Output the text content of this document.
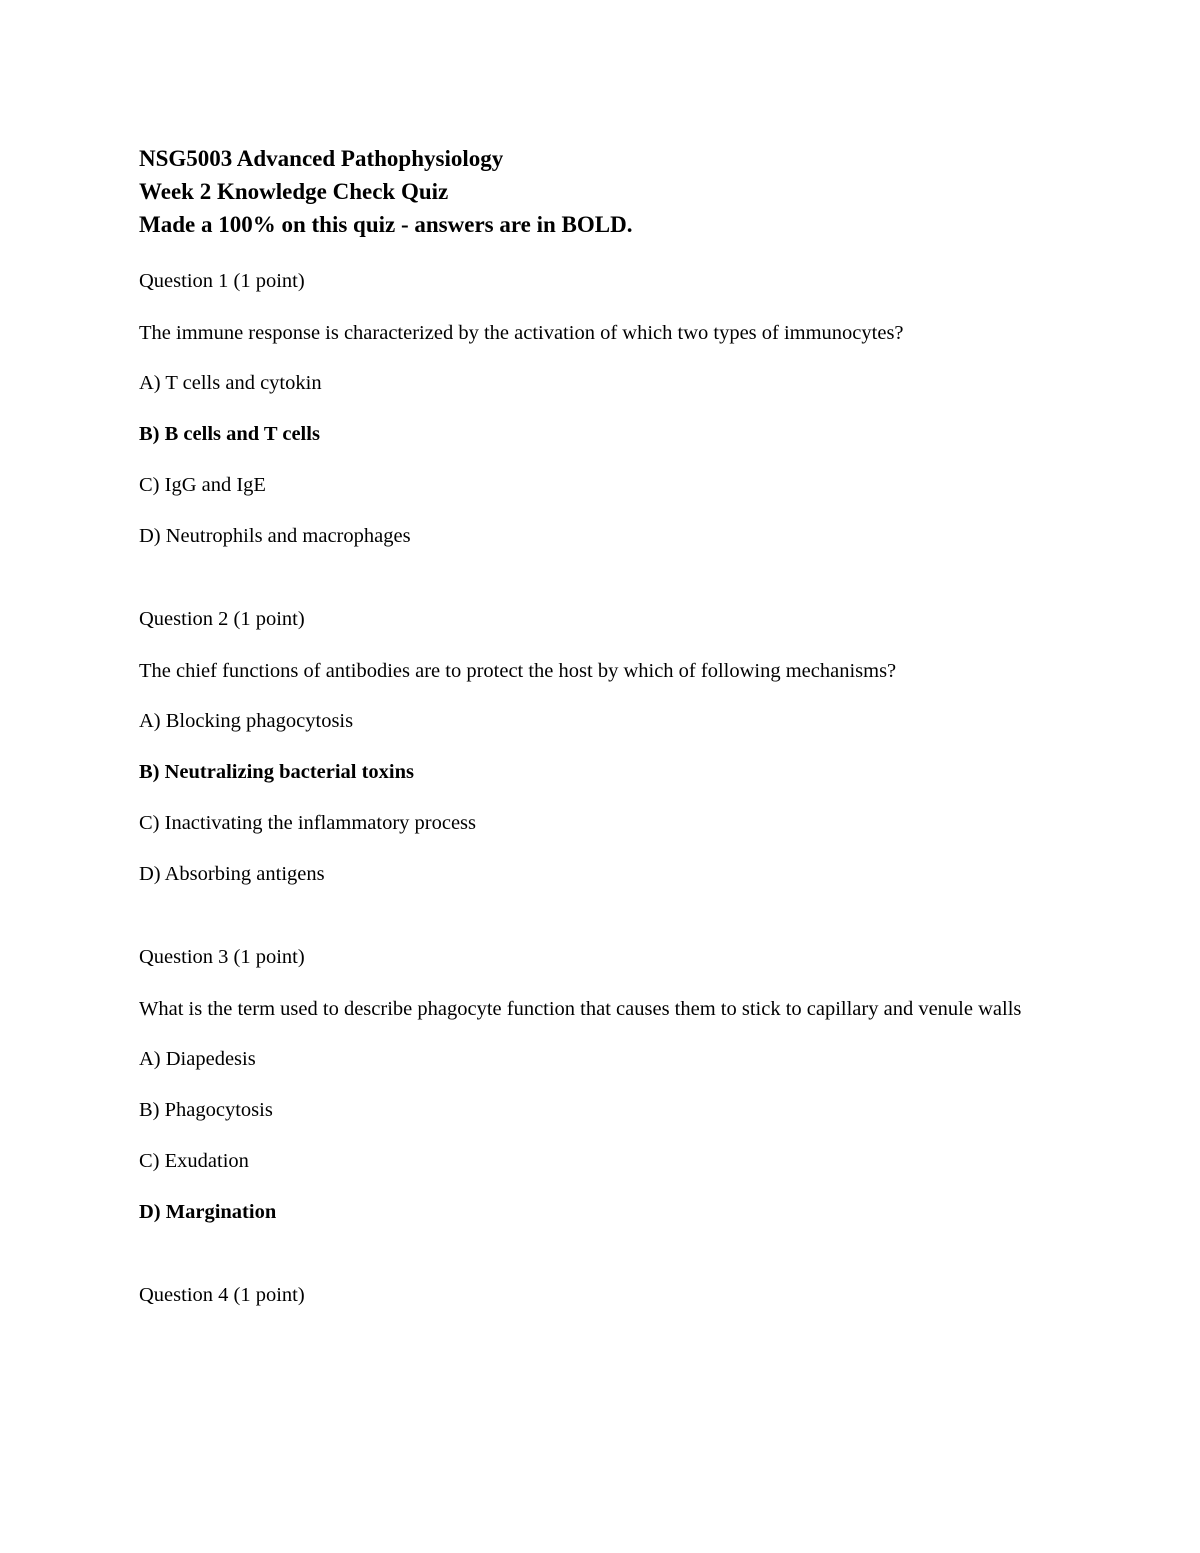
NSG5003 Advanced Pathophysiology

Week 2 Knowledge Check Quiz

Made a 100% on this quiz - answers are in BOLD.

Question 1 (1 point)

The immune response is characterized by the activation of which two types of immunocytes?

A) T cells and cytokin

B) B cells and T cells

C) IgG and IgE

D) Neutrophils and macrophages

Question 2 (1 point)

The chief functions of antibodies are to protect the host by which of following mechanisms?

A) Blocking phagocytosis

B) Neutralizing bacterial toxins

C) Inactivating the inflammatory process

D) Absorbing antigens

Question 3 (1 point)

What is the term used to describe phagocyte function that causes them to stick to capillary and venule walls

A) Diapedesis

B) Phagocytosis

C) Exudation

D) Margination

Question 4 (1 point)
